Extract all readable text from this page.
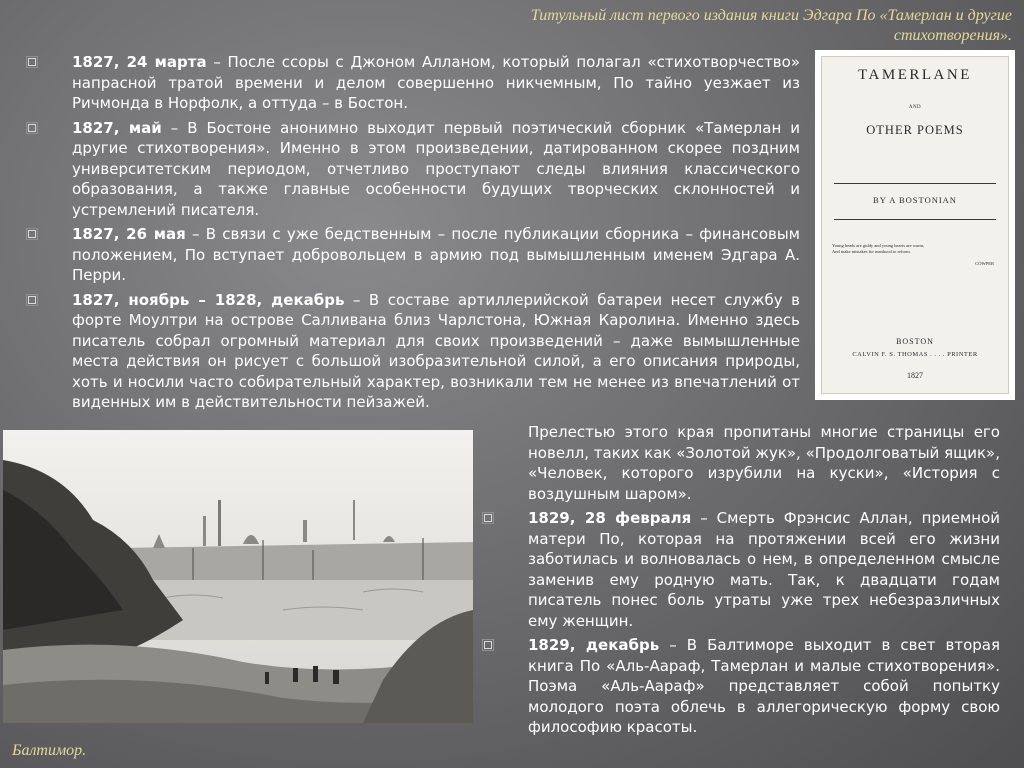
Титульный лист первого издания книги Эдгара По «Тамерлан и другие стихотворения».
1827, 24 марта – После ссоры с Джоном Алланом, который полагал «стихотворчество» напрасной тратой времени и делом совершенно никчемным, По тайно уезжает из Ричмонда в Норфолк, а оттуда – в Бостон.
1827, май – В Бостоне анонимно выходит первый поэтический сборник «Тамерлан и другие стихотворения». Именно в этом произведении, датированном скорее поздним университетским периодом, отчетливо проступают следы влияния классического образования, а также главные особенности будущих творческих склонностей и устремлений писателя.
1827, 26 мая – В связи с уже бедственным – после публикации сборника – финансовым положением, По вступает добровольцем в армию под вымышленным именем Эдгара А. Перри.
1827, ноябрь – 1828, декабрь – В составе артиллерийской батареи несет службу в форте Моултри на острове Салливана близ Чарлстона, Южная Каролина. Именно здесь писатель собрал огромный материал для своих произведений – даже вымышленные места действия он рисует с большой изобразительной силой, а его описания природы, хоть и носили часто собирательный характер, возникали тем не менее из впечатлений от виденных им в действительности пейзажей.
TAMERLANE
AND
OTHER POEMS
BY A BOSTONIAN
Young heads are giddy and young hearts are warm,
And make mistakes for manhood to reform.
COWPER
BOSTON
CALVIN F. S. THOMAS . . . . PRINTER
1827
Прелестью этого края пропитаны многие страницы его новелл, таких как «Золотой жук», «Продолговатый ящик», «Человек, которого изрубили на куски», «История с воздушным шаром».
1829, 28 февраля – Смерть Фрэнсис Аллан, приемной матери По, которая на протяжении всей его жизни заботилась и волновалась о нем, в определенном смысле заменив ему родную мать. Так, к двадцати годам писатель понес боль утраты уже трех небезразличных ему женщин.
1829, декабрь – В Балтиморе выходит в свет вторая книга По «Аль-Аараф, Тамерлан и малые стихотворения». Поэма «Аль-Аараф» представляет собой попытку молодого поэта облечь в аллегорическую форму свою философию красоты.
Балтимор.
